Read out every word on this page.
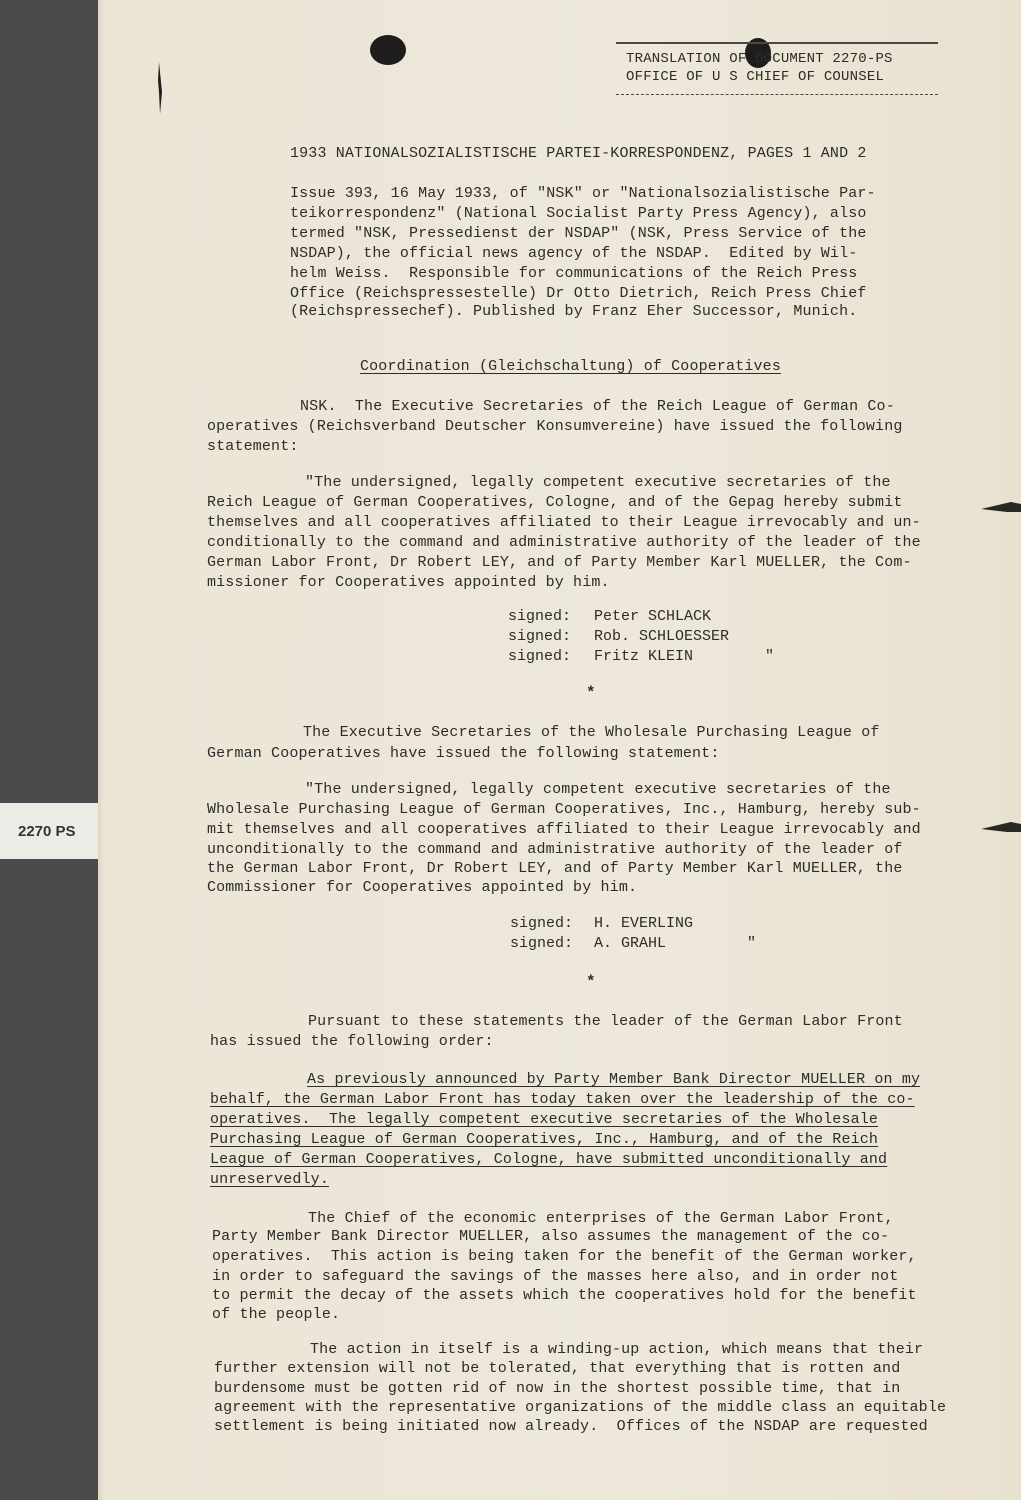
2270 PS
TRANSLATION OF DOCUMENT 2270-PS
OFFICE OF U S CHIEF OF COUNSEL
1933 NATIONALSOZIALISTISCHE PARTEI-KORRESPONDENZ, PAGES 1 AND 2
Issue 393, 16 May 1933, of "NSK" or "Nationalsozialistische Par-
teikorrespondenz" (National Socialist Party Press Agency), also
termed "NSK, Pressedienst der NSDAP" (NSK, Press Service of the
NSDAP), the official news agency of the NSDAP.  Edited by Wil-
helm Weiss.  Responsible for communications of the Reich Press
Office (Reichspressestelle) Dr Otto Dietrich, Reich Press Chief
(Reichspressechef). Published by Franz Eher Successor, Munich.
Coordination (Gleichschaltung) of Cooperatives
NSK.  The Executive Secretaries of the Reich League of German Co-
operatives (Reichsverband Deutscher Konsumvereine) have issued the following
statement:
"The undersigned, legally competent executive secretaries of the
Reich League of German Cooperatives, Cologne, and of the Gepag hereby submit
themselves and all cooperatives affiliated to their League irrevocably and un-
conditionally to the command and administrative authority of the leader of the
German Labor Front, Dr Robert LEY, and of Party Member Karl MUELLER, the Com-
missioner for Cooperatives appointed by him.
signed: Peter SCHLACK
signed: Rob. SCHLOESSER
signed: Fritz KLEIN        "
*
The Executive Secretaries of the Wholesale Purchasing League of
German Cooperatives have issued the following statement:
"The undersigned, legally competent executive secretaries of the
Wholesale Purchasing League of German Cooperatives, Inc., Hamburg, hereby sub-
mit themselves and all cooperatives affiliated to their League irrevocably and
unconditionally to the command and administrative authority of the leader of
the German Labor Front, Dr Robert LEY, and of Party Member Karl MUELLER, the
Commissioner for Cooperatives appointed by him.
signed: H. EVERLING
signed: A. GRAHL         "
*
Pursuant to these statements the leader of the German Labor Front
has issued the following order:
As previously announced by Party Member Bank Director MUELLER on my
behalf, the German Labor Front has today taken over the leadership of the co-
operatives.  The legally competent executive secretaries of the Wholesale
Purchasing League of German Cooperatives, Inc., Hamburg, and of the Reich
League of German Cooperatives, Cologne, have submitted unconditionally and
unreservedly.
The Chief of the economic enterprises of the German Labor Front,
Party Member Bank Director MUELLER, also assumes the management of the co-
operatives.  This action is being taken for the benefit of the German worker,
in order to safeguard the savings of the masses here also, and in order not
to permit the decay of the assets which the cooperatives hold for the benefit
of the people.
The action in itself is a winding-up action, which means that their
further extension will not be tolerated, that everything that is rotten and
burdensome must be gotten rid of now in the shortest possible time, that in
agreement with the representative organizations of the middle class an equitable
settlement is being initiated now already.  Offices of the NSDAP are requested
